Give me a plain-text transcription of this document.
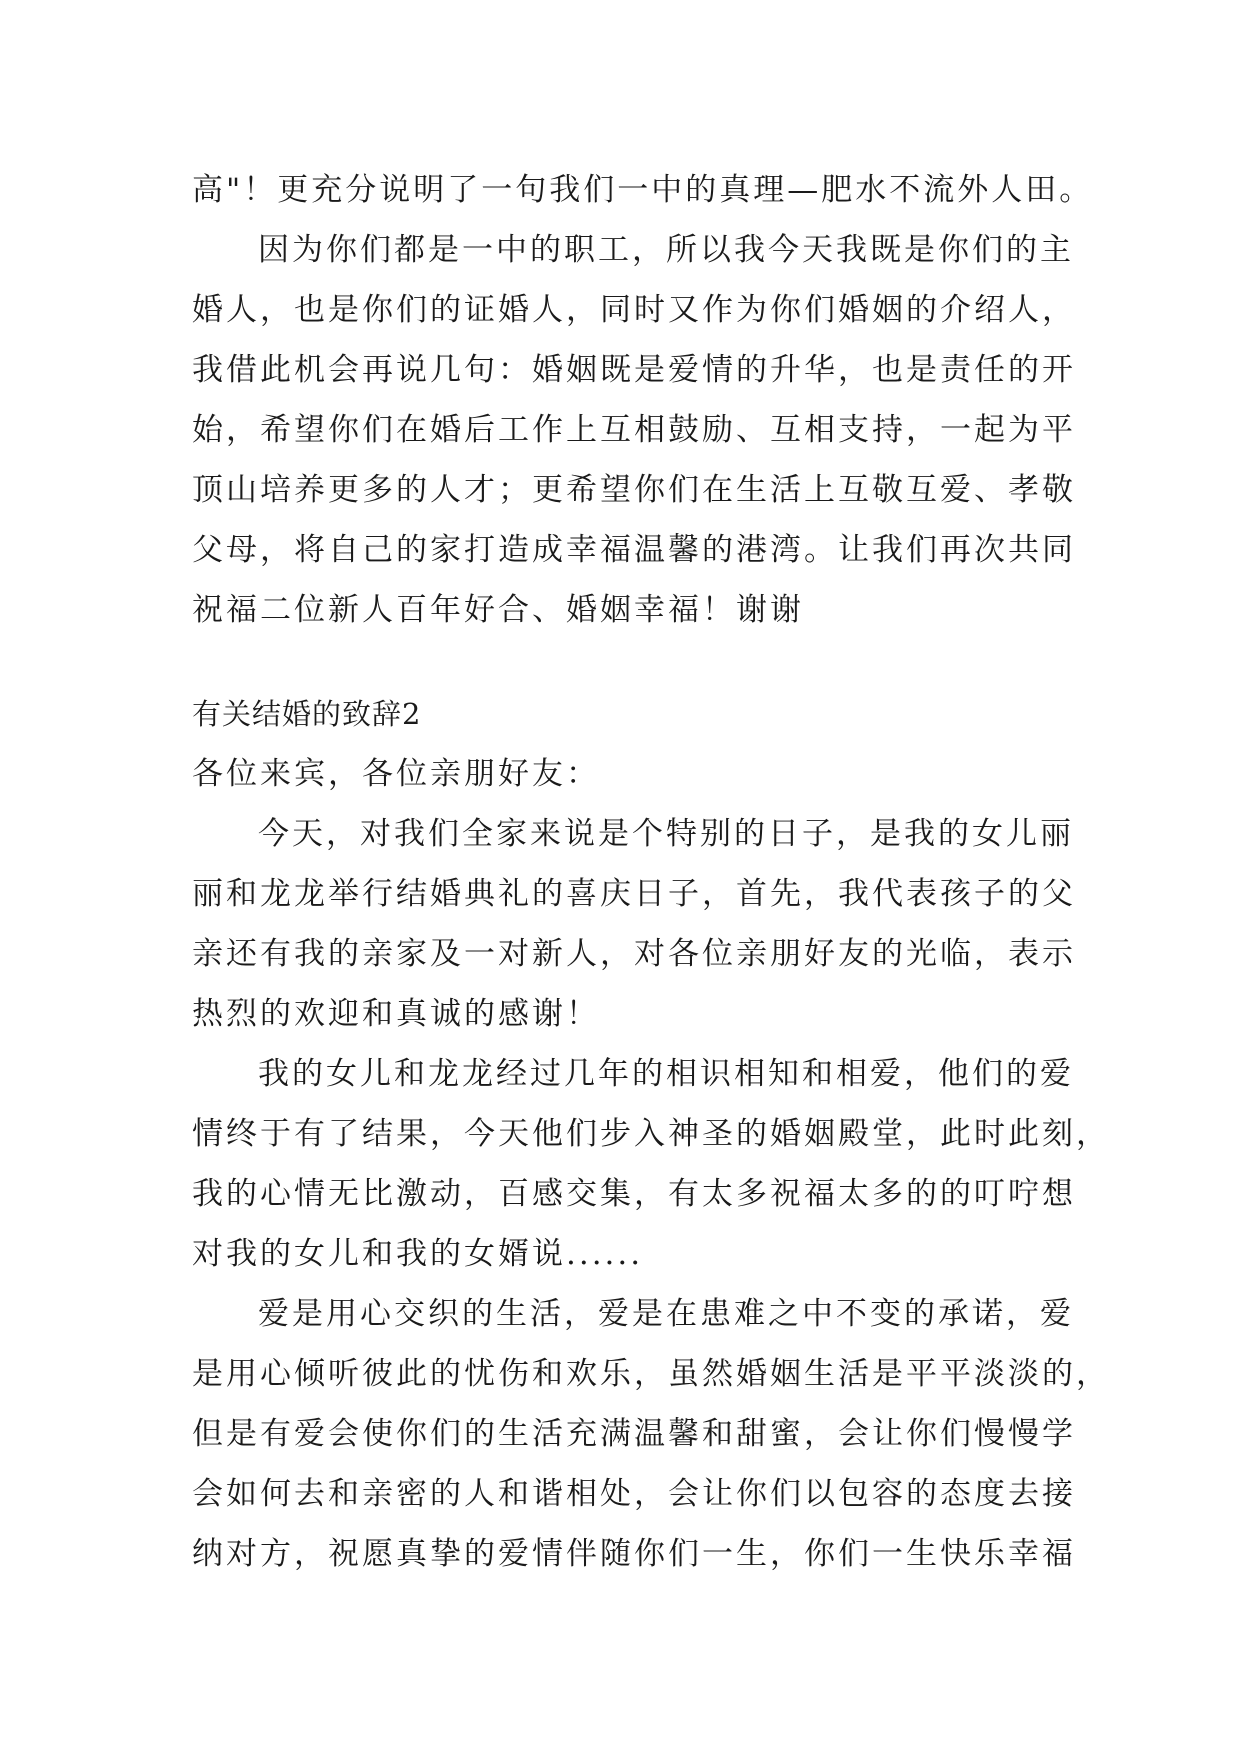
高"！更充分说明了一句我们一中的真理—肥水不流外人田。
因为你们都是一中的职工，所以我今天我既是你们的主
婚人，也是你们的证婚人，同时又作为你们婚姻的介绍人，
我借此机会再说几句：婚姻既是爱情的升华，也是责任的开
始，希望你们在婚后工作上互相鼓励、互相支持，一起为平
顶山培养更多的人才；更希望你们在生活上互敬互爱、孝敬
父母，将自己的家打造成幸福温馨的港湾。让我们再次共同
祝福二位新人百年好合、婚姻幸福！谢谢
有关结婚的致辞2
各位来宾，各位亲朋好友：
今天，对我们全家来说是个特别的日子，是我的女儿丽
丽和龙龙举行结婚典礼的喜庆日子，首先，我代表孩子的父
亲还有我的亲家及一对新人，对各位亲朋好友的光临，表示
热烈的欢迎和真诚的感谢！
我的女儿和龙龙经过几年的相识相知和相爱，他们的爱
情终于有了结果，今天他们步入神圣的婚姻殿堂，此时此刻，
我的心情无比激动，百感交集，有太多祝福太多的的叮咛想
对我的女儿和我的女婿说......
爱是用心交织的生活，爱是在患难之中不变的承诺，爱
是用心倾听彼此的忧伤和欢乐，虽然婚姻生活是平平淡淡的，
但是有爱会使你们的生活充满温馨和甜蜜，会让你们慢慢学
会如何去和亲密的人和谐相处，会让你们以包容的态度去接
纳对方，祝愿真挚的爱情伴随你们一生，你们一生快乐幸福
